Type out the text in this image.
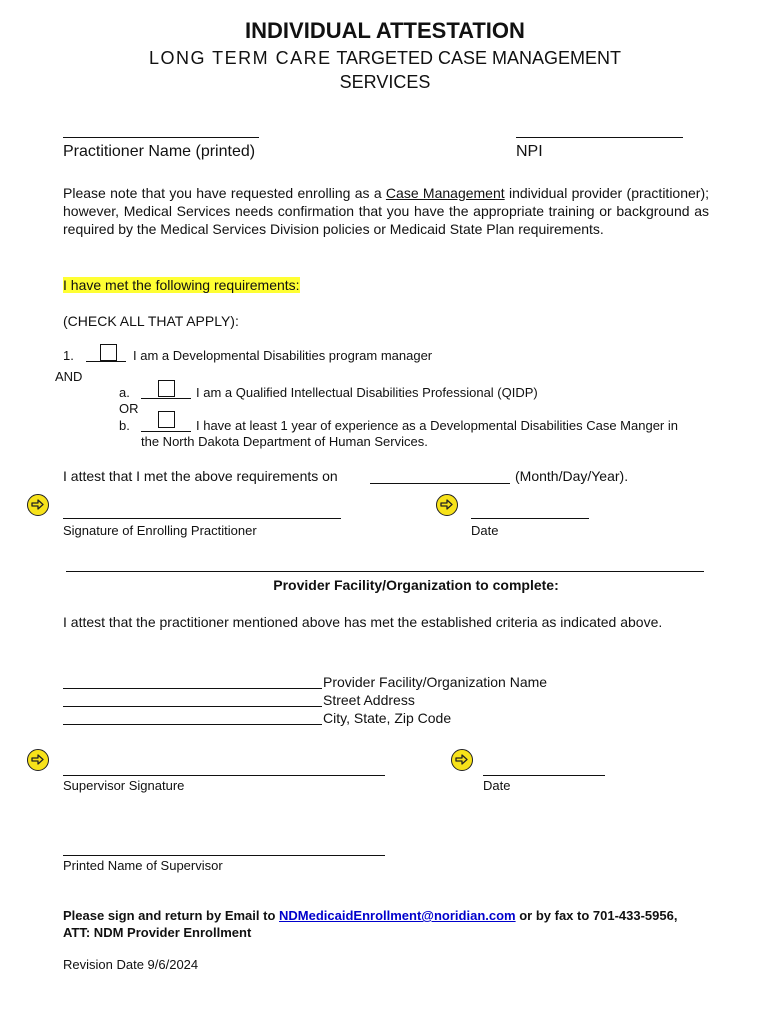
INDIVIDUAL ATTESTATION
LONG TERM CARE TARGETED CASE MANAGEMENT
SERVICES
Practitioner Name (printed)	NPI
Please note that you have requested enrolling as a Case Management individual provider (practitioner); however, Medical Services needs confirmation that you have the appropriate training or background as required by the Medical Services Division policies or Medicaid State Plan requirements.
I have met the following requirements:
(CHECK ALL THAT APPLY):
1.	I am a Developmental Disabilities program manager
AND
a.	I am a Qualified Intellectual Disabilities Professional (QIDP)
OR
b.	I have at least 1 year of experience as a Developmental Disabilities Case Manger in
the North Dakota Department of Human Services.
I attest that I met the above requirements on	(Month/Day/Year).
Signature of Enrolling Practitioner	Date
Provider Facility/Organization to complete:
I attest that the practitioner mentioned above has met the established criteria as indicated above.
Provider Facility/Organization Name
Street Address
City, State, Zip Code
Supervisor Signature	Date
Printed Name of Supervisor
Please sign and return by Email to NDMedicaidEnrollment@noridian.com or by fax to 701-433-5956,
ATT: NDM Provider Enrollment
Revision Date 9/6/2024
